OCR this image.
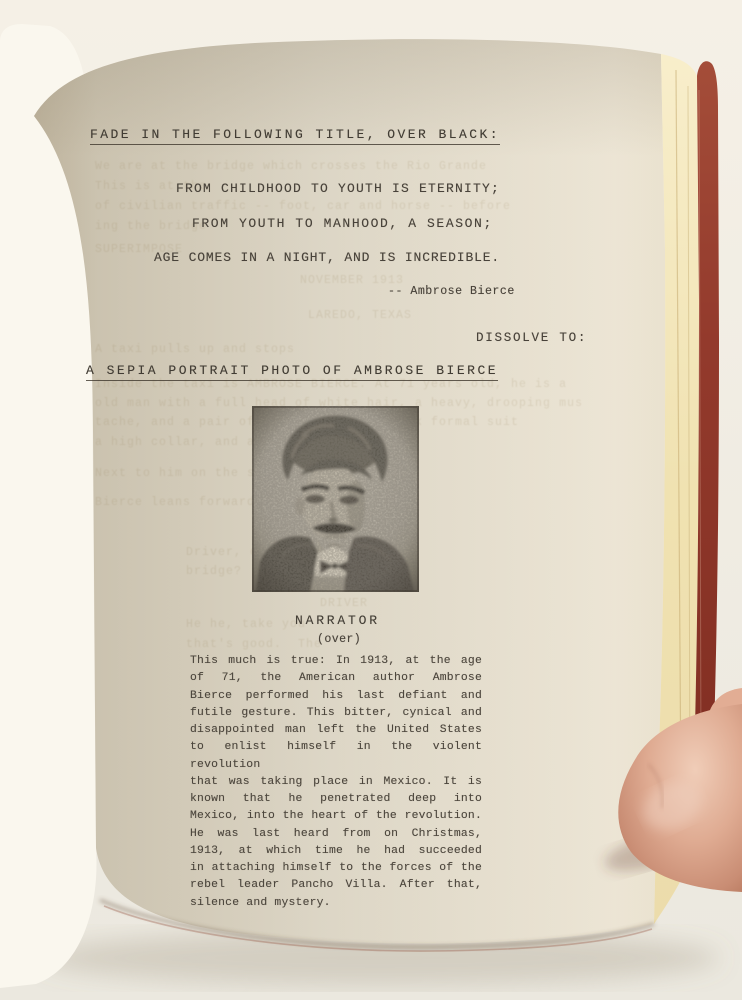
FADE IN THE FOLLOWING TITLE, OVER BLACK:
FROM CHILDHOOD TO YOUTH IS ETERNITY;
FROM YOUTH TO MANHOOD, A SEASON;
AGE COMES IN A NIGHT, AND IS INCREDIBLE.
-- Ambrose Bierce
DISSOLVE TO:
A SEPIA PORTRAIT PHOTO OF AMBROSE BIERCE
NARRATOR
(over)
This much is true: In 1913, at the age
of 71, the American author Ambrose
Bierce performed his last defiant and
futile gesture. This bitter, cynical and
disappointed man left the United States
to enlist himself in the violent revolution
that was taking place in Mexico. It is
known that he penetrated deep into
Mexico, into the heart of the revolution.
He was last heard from on Christmas,
1913, at which time he had succeeded
in attaching himself to the forces of the
rebel leader Pancho Villa. After that,
silence and mystery.
